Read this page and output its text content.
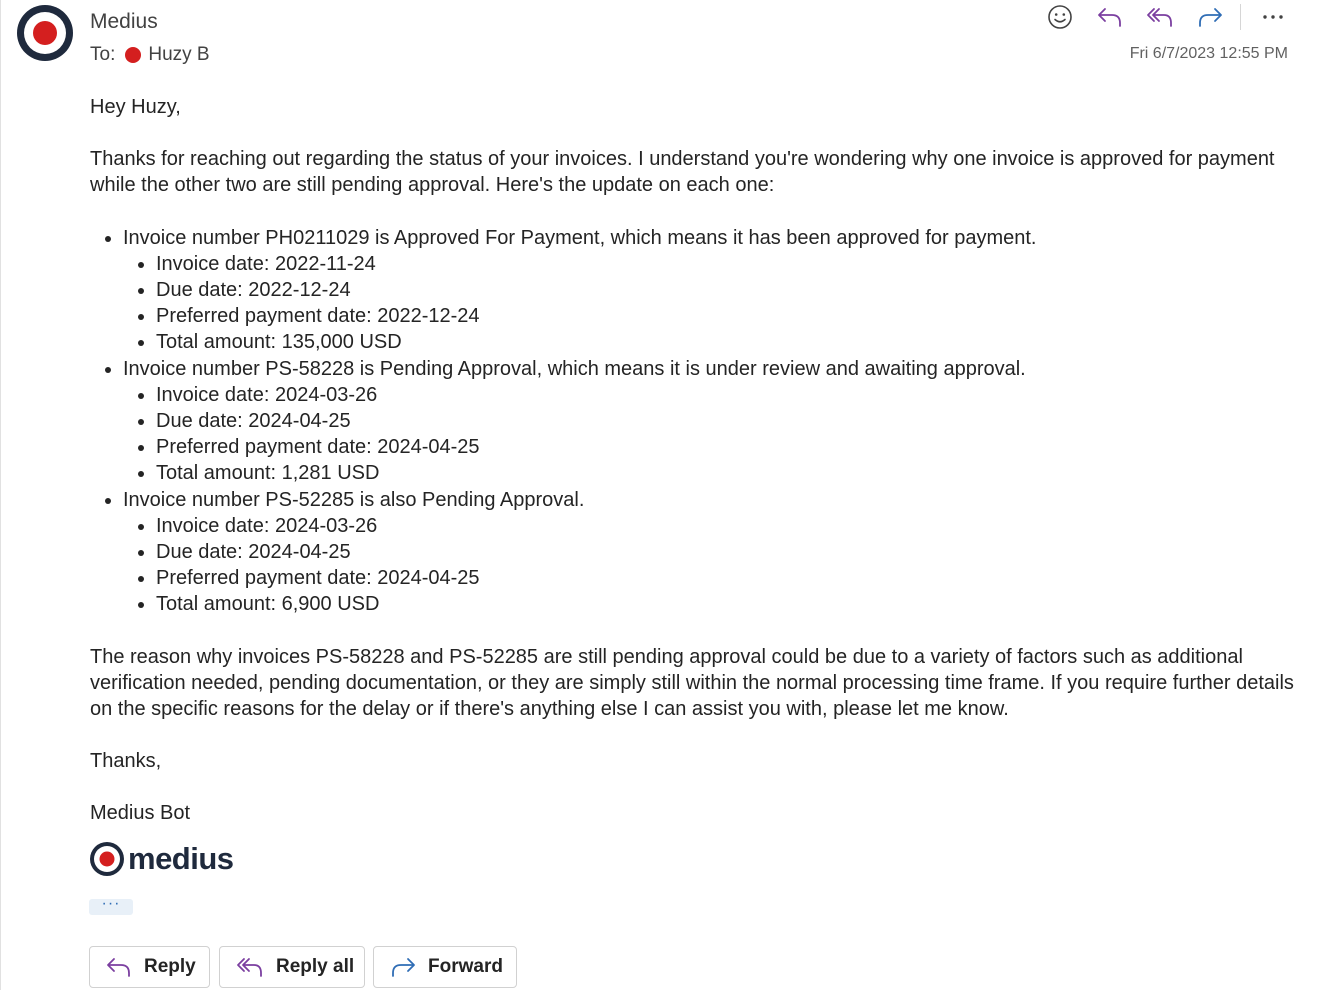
Medius
To: Huzy B	Fri 6/7/2023 12:55 PM

Hey Huzy,

Thanks for reaching out regarding the status of your invoices. I understand you're wondering why one invoice is approved for payment while the other two are still pending approval. Here's the update on each one:

• Invoice number PH0211029 is Approved For Payment, which means it has been approved for payment.
• Invoice date: 2022-11-24
• Due date: 2022-12-24
• Preferred payment date: 2022-12-24
• Total amount: 135,000 USD
• Invoice number PS-58228 is Pending Approval, which means it is under review and awaiting approval.
• Invoice date: 2024-03-26
• Due date: 2024-04-25
• Preferred payment date: 2024-04-25
• Total amount: 1,281 USD
• Invoice number PS-52285 is also Pending Approval.
• Invoice date: 2024-03-26
• Due date: 2024-04-25
• Preferred payment date: 2024-04-25
• Total amount: 6,900 USD

The reason why invoices PS-58228 and PS-52285 are still pending approval could be due to a variety of factors such as additional verification needed, pending documentation, or they are simply still within the normal processing time frame. If you require further details on the specific reasons for the delay or if there's anything else I can assist you with, please let me know.

Thanks,

Medius Bot

medius
···
Reply	Reply all	Forward
